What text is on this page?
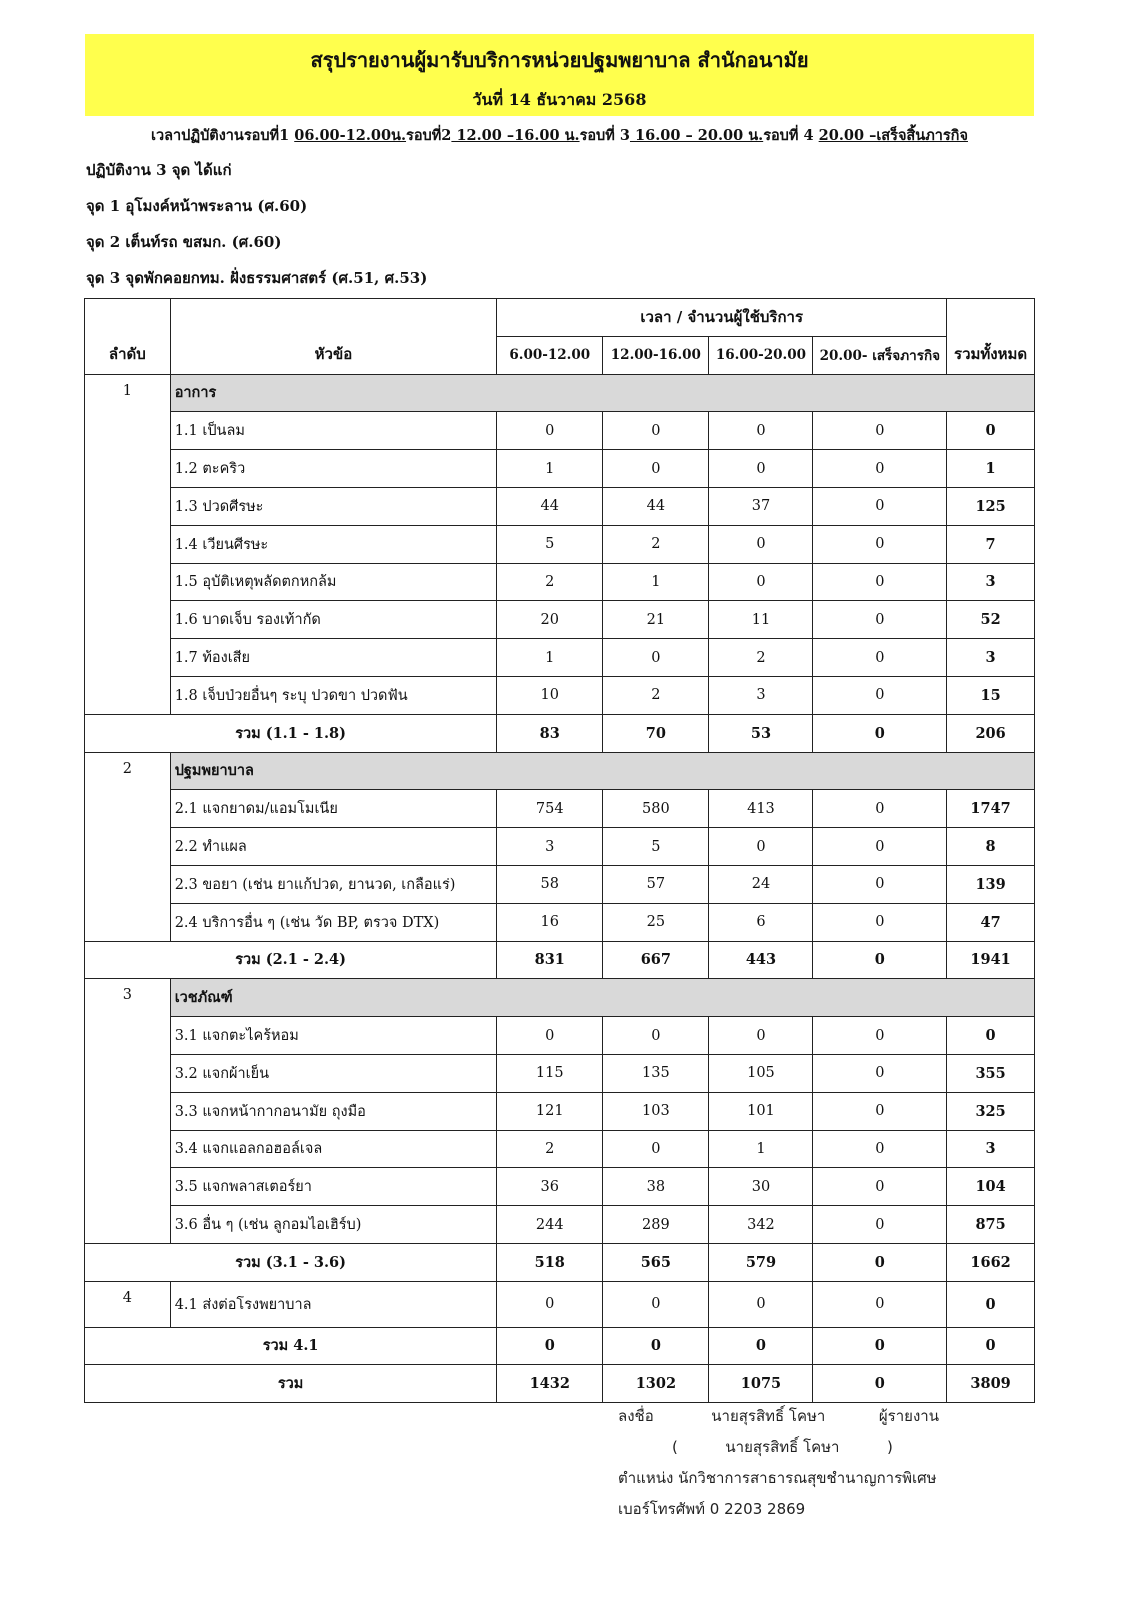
สรุปรายงานผู้มารับบริการหน่วยปฐมพยาบาล สำนักอนามัย
วันที่ 14 ธันวาคม 2568
เวลาปฏิบัติงานรอบที่1 06.00-12.00น.รอบที่2 12.00 –16.00 น.รอบที่ 3 16.00 – 20.00 น.รอบที่ 4 20.00 –เสร็จสิ้นภารกิจ
ปฏิบัติงาน 3 จุด ได้แก่
จุด 1 อุโมงค์หน้าพระลาน (ศ.60)
จุด 2 เต็นท์รถ ขสมก. (ศ.60)
จุด 3 จุดพักคอยกทม. ฝั่งธรรมศาสตร์ (ศ.51, ศ.53)
ลำดับ	หัวข้อ	เวลา / จำนวนผู้ใช้บริการ				รวมทั้งหมด
		6.00-12.00	12.00-16.00	16.00-20.00	20.00- เสร็จภารกิจ	
1	อาการ					
	1.1 เป็นลม	0	0	0	0	0
	1.2 ตะคริว	1	0	0	0	1
	1.3 ปวดศีรษะ	44	44	37	0	125
	1.4 เวียนศีรษะ	5	2	0	0	7
	1.5 อุบัติเหตุพลัดตกหกล้ม	2	1	0	0	3
	1.6 บาดเจ็บ รองเท้ากัด	20	21	11	0	52
	1.7 ท้องเสีย	1	0	2	0	3
	1.8 เจ็บป่วยอื่นๆ ระบุ ปวดขา ปวดฟัน	10	2	3	0	15
รวม (1.1 - 1.8)		83	70	53	0	206
2	ปฐมพยาบาล					
	2.1 แจกยาดม/แอมโมเนีย	754	580	413	0	1747
	2.2 ทำแผล	3	5	0	0	8
	2.3 ขอยา (เช่น ยาแก้ปวด, ยานวด, เกลือแร่)	58	57	24	0	139
	2.4 บริการอื่น ๆ (เช่น วัด BP, ตรวจ DTX)	16	25	6	0	47
รวม (2.1 - 2.4)		831	667	443	0	1941
3	เวชภัณฑ์					
	3.1 แจกตะไคร้หอม	0	0	0	0	0
	3.2 แจกผ้าเย็น	115	135	105	0	355
	3.3 แจกหน้ากากอนามัย ถุงมือ	121	103	101	0	325
	3.4 แจกแอลกอฮอล์เจล	2	0	1	0	3
	3.5 แจกพลาสเตอร์ยา	36	38	30	0	104
	3.6 อื่น ๆ (เช่น ลูกอมไอเฮิร์บ)	244	289	342	0	875
รวม (3.1 - 3.6)		518	565	579	0	1662
4	4.1 ส่งต่อโรงพยาบาล	0	0	0	0	0
รวม 4.1		0	0	0	0	0
รวม		1432	1302	1075	0	3809
ลงชื่อ	นายสุรสิทธิ์ โคษา	ผู้รายงาน
(	นายสุรสิทธิ์ โคษา	)
ตำแหน่ง นักวิชาการสาธารณสุขชำนาญการพิเศษ
เบอร์โทรศัพท์ 0 2203 2869
